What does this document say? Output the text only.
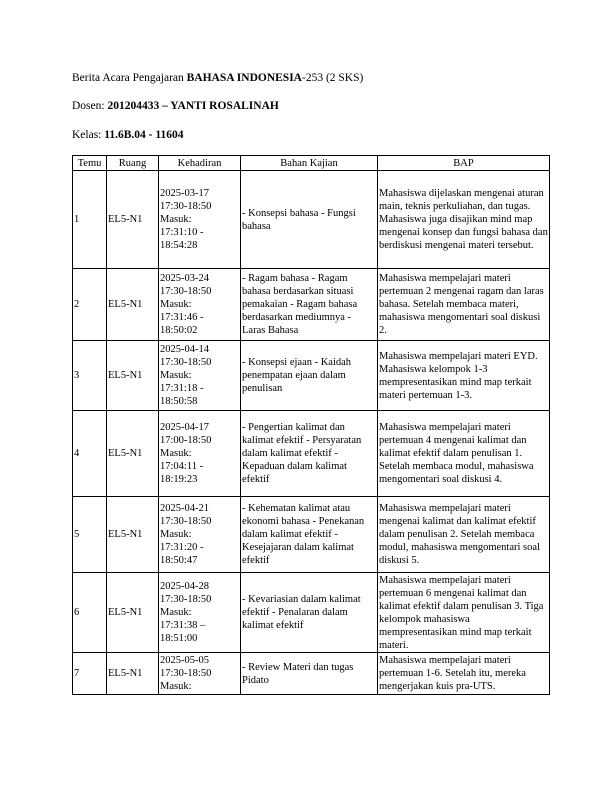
Berita Acara Pengajaran BAHASA INDONESIA-253 (2 SKS)
Dosen: 201204433 – YANTI ROSALINAH
Kelas: 11.6B.04 - 11604
Temu	Ruang	Kehadiran	Bahan Kajian	BAP
1	EL5-N1	2025-03-17
17:30-18:50
Masuk:
17:31:10 -
18:54:28	- Konsepsi bahasa - Fungsi bahasa	Mahasiswa dijelaskan mengenai aturan main, teknis perkuliahan, dan tugas. Mahasiswa juga disajikan mind map mengenai konsep dan fungsi bahasa dan berdiskusi mengenai materi tersebut.
2	EL5-N1	2025-03-24
17:30-18:50
Masuk:
17:31:46 -
18:50:02	- Ragam bahasa - Ragam bahasa berdasarkan situasi pemakaian - Ragam bahasa berdasarkan mediumnya - Laras Bahasa	Mahasiswa mempelajari materi pertemuan 2 mengenai ragam dan laras bahasa. Setelah membaca materi, mahasiswa mengomentari soal diskusi 2.
3	EL5-N1	2025-04-14
17:30-18:50
Masuk:
17:31:18 -
18:50:58	- Konsepsi ejaan - Kaidah penempatan ejaan dalam penulisan	Mahasiswa mempelajari materi EYD. Mahasiswa kelompok 1-3 mempresentasikan mind map terkait materi pertemuan 1-3.
4	EL5-N1	2025-04-17
17:00-18:50
Masuk:
17:04:11 -
18:19:23	- Pengertian kalimat dan kalimat efektif - Persyaratan dalam kalimat efektif - Kepaduan dalam kalimat efektif	Mahasiswa mempelajari materi pertemuan 4 mengenai kalimat dan kalimat efektif dalam penulisan 1. Setelah membaca modul, mahasiswa mengomentari soal diskusi 4.
5	EL5-N1	2025-04-21
17:30-18:50
Masuk:
17:31:20 -
18:50:47	- Kehematan kalimat atau ekonomi bahasa - Penekanan dalam kalimat efektif - Kesejajaran dalam kalimat efektif	Mahasiswa mempelajari materi mengenai kalimat dan kalimat efektif dalam penulisan 2. Setelah membaca modul, mahasiswa mengomentari soal diskusi 5.
6	EL5-N1	2025-04-28
17:30-18:50
Masuk:
17:31:38 –
18:51:00	- Kevariasian dalam kalimat efektif - Penalaran dalam kalimat efektif	Mahasiswa mempelajari materi pertemuan 6 mengenai kalimat dan kalimat efektif dalam penulisan 3. Tiga kelompok mahasiswa mempresentasikan mind map terkait materi.
7	EL5-N1	2025-05-05
17:30-18:50
Masuk:	- Review Materi dan tugas Pidato	Mahasiswa mempelajari materi pertemuan 1-6. Setelah itu, mereka mengerjakan kuis pra-UTS.
